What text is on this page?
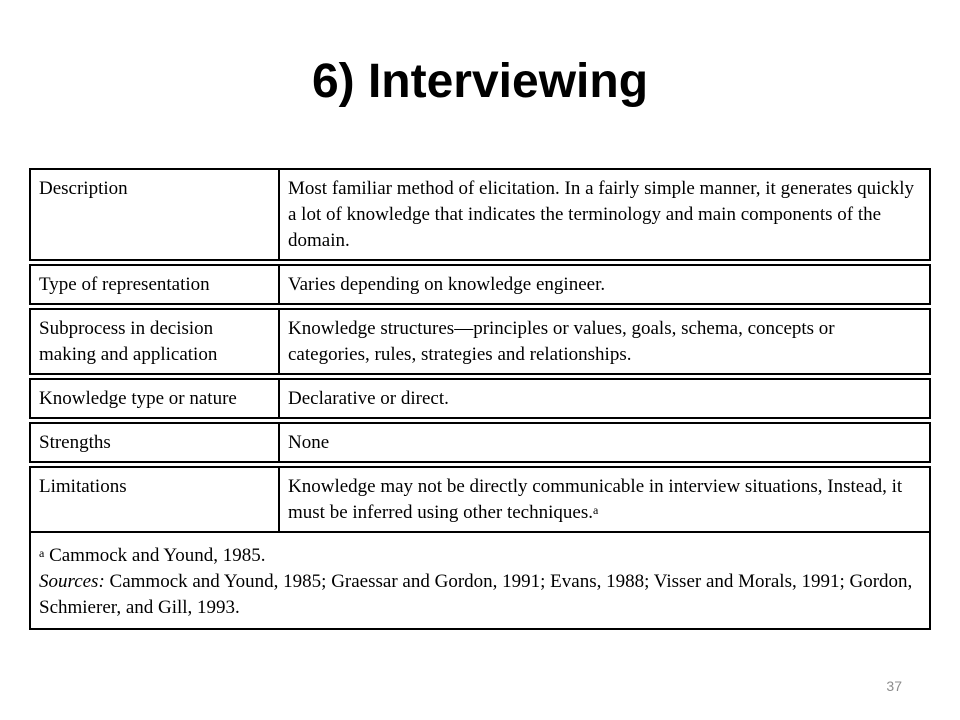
6) Interviewing
Description	Most familiar method of elicitation. In a fairly simple manner, it generates quickly a lot of knowledge that indicates the terminology and main components of the domain.

Type of representation	Varies depending on knowledge engineer.

Subprocess in decision making and application	Knowledge structures—principles or values, goals, schema, concepts or categories, rules, strategies and relationships.

Knowledge type or nature	Declarative or direct.

Strengths	None

Limitations	Knowledge may not be directly communicable in interview situations, Instead, it must be inferred using other techniques.$^a$

$^a$ Cammock and Yound, 1985.
Sources: Cammock and Yound, 1985; Graessar and Gordon, 1991; Evans, 1988; Visser and Morals, 1991; Gordon, Schmierer, and Gill, 1993.	
37
